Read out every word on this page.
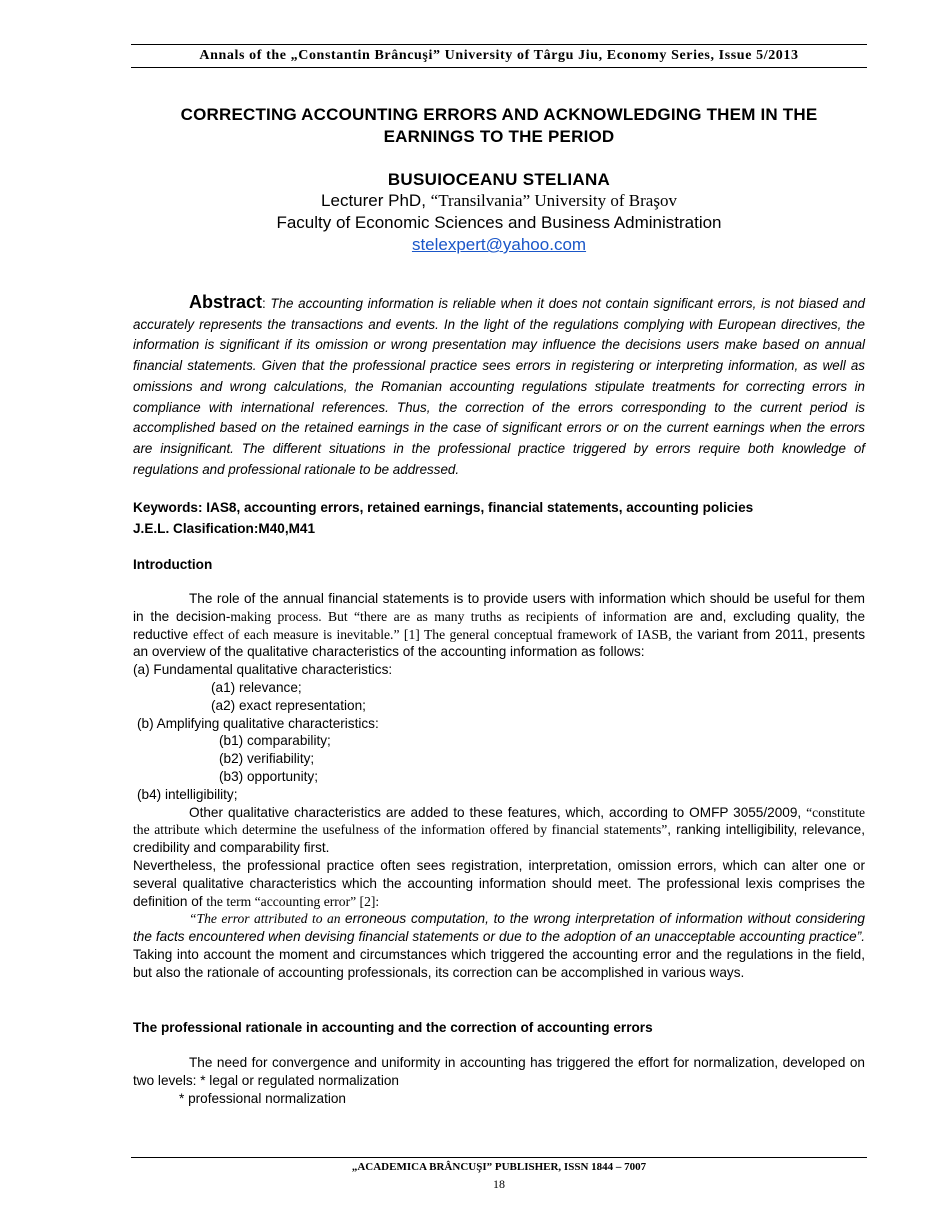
Annals of the „Constantin Brâncuşi” University of Târgu Jiu, Economy Series, Issue 5/2013
CORRECTING ACCOUNTING ERRORS AND ACKNOWLEDGING THEM IN THE
EARNINGS TO THE PERIOD
BUSUIOCEANU STELIANA
Lecturer PhD, “Transilvania” University of Braşov
Faculty of Economic Sciences and Business Administration
stelexpert@yahoo.com
Abstract: The accounting information is reliable when it does not contain significant errors, is not biased and accurately represents the transactions and events. In the light of the regulations complying with European directives, the information is significant if its omission or wrong presentation may influence the decisions users make based on annual financial statements. Given that the professional practice sees errors in registering or interpreting information, as well as omissions and wrong calculations, the Romanian accounting regulations stipulate treatments for correcting errors in compliance with international references. Thus, the correction of the errors corresponding to the current period is accomplished based on the retained earnings in the case of significant errors or on the current earnings when the errors are insignificant. The different situations in the professional practice triggered by errors require both knowledge of regulations and professional rationale to be addressed.
Keywords: IAS8, accounting errors, retained earnings, financial statements, accounting policies
J.E.L. Clasification:M40,M41
Introduction

The role of the annual financial statements is to provide users with information which should be useful for them in the decision-making process. But “there are as many truths as recipients of information are and, excluding quality, the reductive effect of each measure is inevitable.” [1] The general conceptual framework of IASB, the variant from 2011, presents an overview of the qualitative characteristics of the accounting information as follows:

(a) Fundamental qualitative characteristics:

(a1) relevance;

(a2) exact representation;

(b) Amplifying qualitative characteristics:

(b1) comparability;

(b2) verifiability;

(b3) opportunity;

(b4) intelligibility;

Other qualitative characteristics are added to these features, which, according to OMFP 3055/2009, “constitute the attribute which determine the usefulness of the information offered by financial statements”, ranking intelligibility, relevance, credibility and comparability first.

Nevertheless, the professional practice often sees registration, interpretation, omission errors, which can alter one or several qualitative characteristics which the accounting information should meet. The professional lexis comprises the definition of the term “accounting error” [2]:

“The error attributed to an erroneous computation, to the wrong interpretation of information without considering the facts encountered when devising financial statements or due to the adoption of an unacceptable accounting practice”. Taking into account the moment and circumstances which triggered the accounting error and the regulations in the field, but also the rationale of accounting professionals, its correction can be accomplished in various ways.

The professional rationale in accounting and the correction of accounting errors

The need for convergence and uniformity in accounting has triggered the effort for normalization, developed on two levels: * legal or regulated normalization

* professional normalization

„ACADEMICA BRÂNCUŞI” PUBLISHER, ISSN 1844 – 7007
18
